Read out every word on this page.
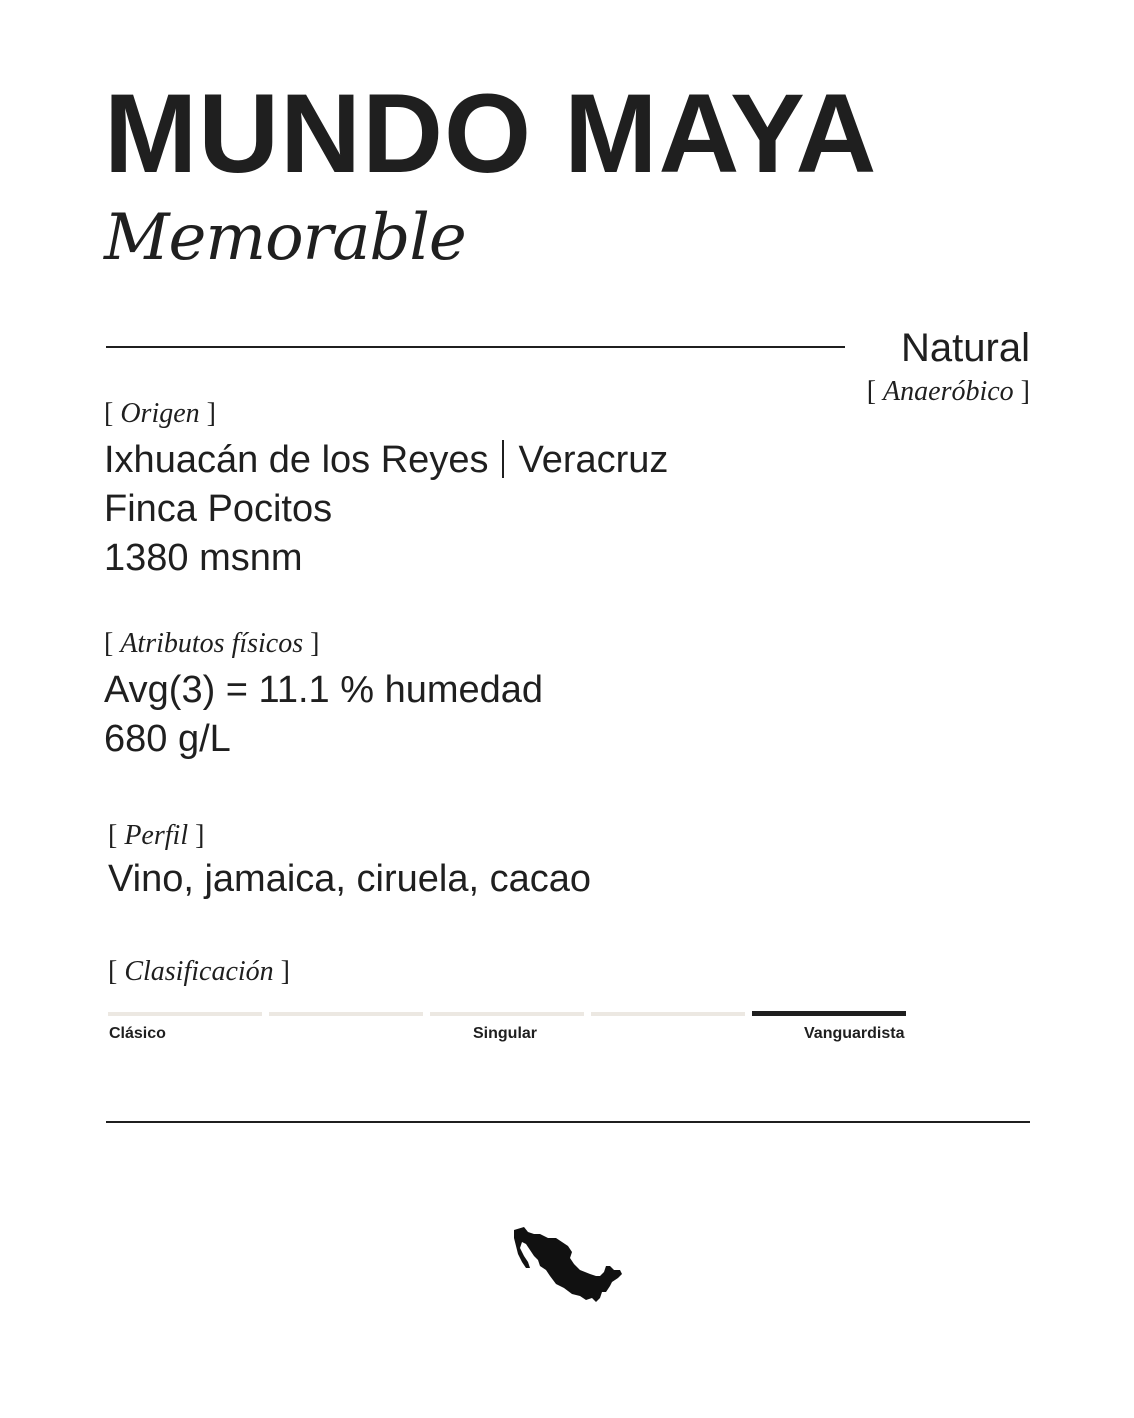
MUNDO MAYA
Memorable
Natural
[ Anaeróbico ]
[ Origen ]
Ixhuacán de los Reyes Veracruz
Finca Pocitos
1380 msnm
[ Atributos físicos ]
Avg(3) = 11.1 % humedad
680 g/L
[ Perfil ]
Vino, jamaica, ciruela, cacao
[ Clasificación ]
Clásico	Singular	Vanguardista
